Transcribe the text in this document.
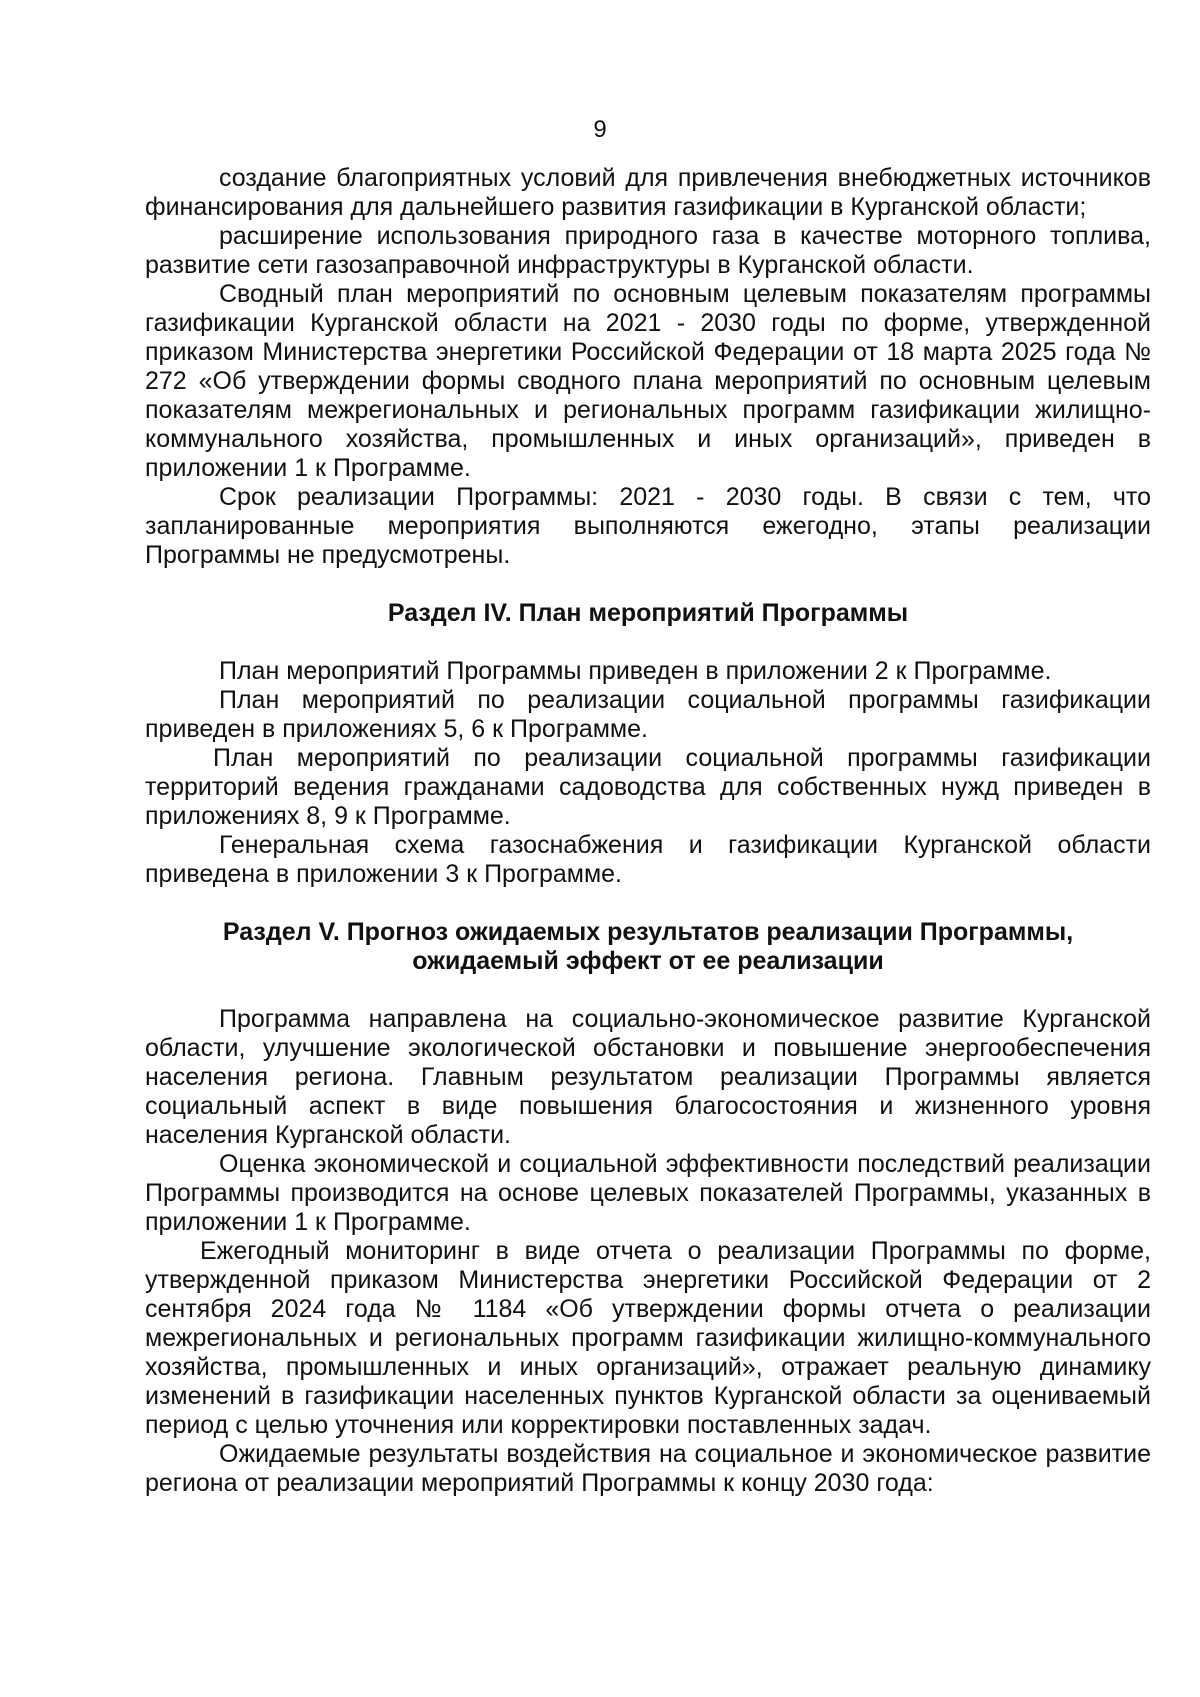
9

создание благоприятных условий для привлечения внебюджетных источников финансирования для дальнейшего развития газификации в Курганской области;

расширение использования природного газа в качестве моторного топлива, развитие сети газозаправочной инфраструктуры в Курганской области.

Сводный план мероприятий по основным целевым показателям программы газификации Курганской области на 2021 - 2030 годы по форме, утвержденной приказом Министерства энергетики Российской Федерации от 18 марта 2025 года № 272 «Об утверждении формы сводного плана мероприятий по основным целевым показателям межрегиональных и региональных программ газификации жилищно-коммунального хозяйства, промышленных и иных организаций», приведен в приложении 1 к Программе.

Срок реализации Программы: 2021 - 2030 годы. В связи с тем, что запланированные мероприятия выполняются ежегодно, этапы реализации Программы не предусмотрены.

Раздел IV. План мероприятий Программы

План мероприятий Программы приведен в приложении 2 к Программе.

План мероприятий по реализации социальной программы газификации приведен в приложениях 5, 6 к Программе.

План мероприятий по реализации социальной программы газификации территорий ведения гражданами садоводства для собственных нужд приведен в приложениях 8, 9 к Программе.

Генеральная схема газоснабжения и газификации Курганской области приведена в приложении 3 к Программе.

Раздел V. Прогноз ожидаемых результатов реализации Программы,

ожидаемый эффект от ее реализации

Программа направлена на социально-экономическое развитие Курганской области, улучшение экологической обстановки и повышение энергообеспечения населения региона. Главным результатом реализации Программы является социальный аспект в виде повышения благосостояния и жизненного уровня населения Курганской области.

Оценка экономической и социальной эффективности последствий реализации Программы производится на основе целевых показателей Программы, указанных в приложении 1 к Программе.

Ежегодный мониторинг в виде отчета о реализации Программы по форме, утвержденной приказом Министерства энергетики Российской Федерации от 2 сентября 2024 года № 1184 «Об утверждении формы отчета о реализации межрегиональных и региональных программ газификации жилищно-коммунального хозяйства, промышленных и иных организаций», отражает реальную динамику изменений в газификации населенных пунктов Курганской области за оцениваемый период с целью уточнения или корректировки поставленных задач.

Ожидаемые результаты воздействия на социальное и экономическое развитие региона от реализации мероприятий Программы к концу 2030 года:
